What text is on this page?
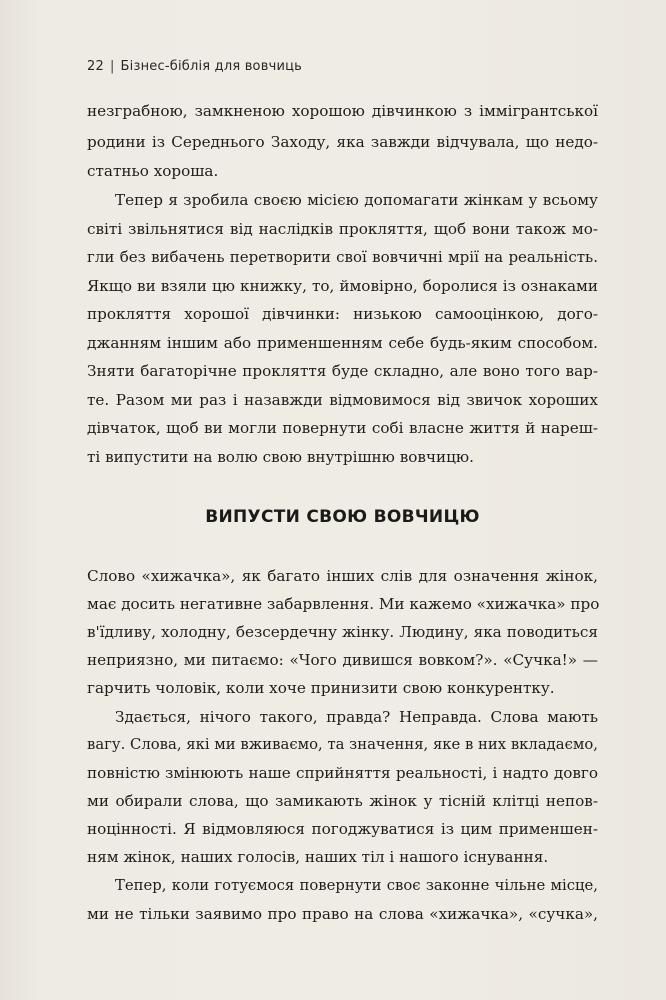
22 | Бізнес-біблія для вовчиць
незграбною, замкненою хорошою дівчинкою з іммігрантської
родини із Середнього Заходу, яка завжди відчувала, що недо-
статньо хороша.
Тепер я зробила своєю місією допомагати жінкам у всьому
світі звільнятися від наслідків прокляття, щоб вони також мо-
гли без вибачень перетворити свої вовчичні мрії на реальність.
Якщо ви взяли цю книжку, то, ймовірно, боролися із ознаками
прокляття хорошої дівчинки: низькою самооцінкою, дого-
джанням іншим або применшенням себе будь-яким способом.
Зняти багаторічне прокляття буде складно, але воно того вар-
те. Разом ми раз і назавжди відмовимося від звичок хороших
дівчаток, щоб ви могли повернути собі власне життя й нареш-
ті випустити на волю свою внутрішню вовчицю.
ВИПУСТИ СВОЮ ВОВЧИЦЮ
Слово «хижачка», як багато інших слів для означення жінок,
має досить негативне забарвлення. Ми кажемо «хижачка» про
в'їдливу, холодну, безсердечну жінку. Людину, яка поводиться
неприязно, ми питаємо: «Чого дивишся вовком?». «Сучка!» —
гарчить чоловік, коли хоче принизити свою конкурентку.
Здається, нічого такого, правда? Неправда. Слова мають
вагу. Слова, які ми вживаємо, та значення, яке в них вкладаємо,
повністю змінюють наше сприйняття реальності, і надто довго
ми обирали слова, що замикають жінок у тісній клітці непов-
ноцінності. Я відмовляюся погоджуватися із цим применшен-
ням жінок, наших голосів, наших тіл і нашого існування.
Тепер, коли готуємося повернути своє законне чільне місце,
ми не тільки заявимо про право на слова «хижачка», «сучка»,
